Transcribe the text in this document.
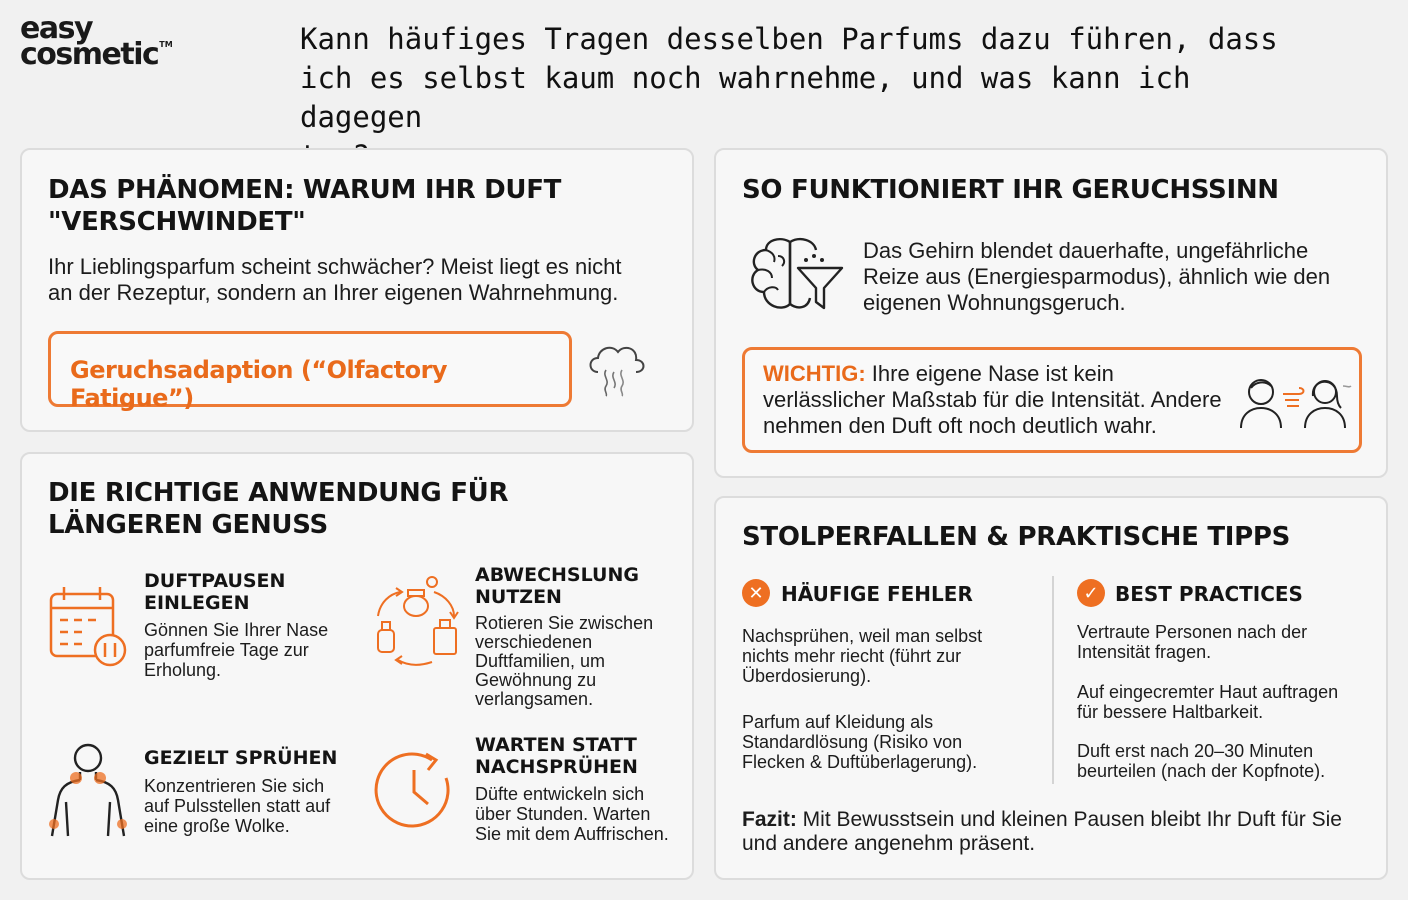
easy
cosmetic™	Kann häufiges Tragen desselben Parfums dazu führen, dass
ich es selbst kaum noch wahrnehme, und was kann ich dagegen
DAS PHÄNOMEN: WARUM IHR DUFT
"VERSCHWINDET"
Ihr Lieblingsparfum scheint schwächer? Meist liegt es nicht
an der Rezeptur, sondern an Ihrer eigenen Wahrnehmung.
Geruchsadaption (“Olfactory Fatigue”)
SO FUNKTIONIERT IHR GERUCHSSINN
Das Gehirn blendet dauerhafte, ungefährliche
Reize aus (Energiesparmodus), ähnlich wie den
eigenen Wohnungsgeruch.
WICHTIG: Ihre eigene Nase ist kein
verlässlicher Maßstab für die Intensität. Andere
nehmen den Duft oft noch deutlich wahr.
DIE RICHTIGE ANWENDUNG FÜR
LÄNGEREN GENUSS
DUFTPAUSEN
EINLEGEN
Gönnen Sie Ihrer Nase
parfumfreie Tage zur
Erholung.
ABWECHSLUNG
NUTZEN
Rotieren Sie zwischen
verschiedenen
Duftfamilien, um
Gewöhnung zu
verlangsamen.
GEZIELT SPRÜHEN
Konzentrieren Sie sich
auf Pulsstellen statt auf
eine große Wolke.
WARTEN STATT
NACHSPRÜHEN
Düfte entwickeln sich
über Stunden. Warten
Sie mit dem Auffrischen.
STOLPERFALLEN & PRAKTISCHE TIPPS
✕ HÄUFIGE FEHLER
Nachsprühen, weil man selbst
nichts mehr riecht (führt zur
Überdosierung).
Parfum auf Kleidung als
Standardlösung (Risiko von
Flecken & Duftüberlagerung).
✓ BEST PRACTICES
Vertraute Personen nach der
Intensität fragen.
Auf eingecremter Haut auftragen
für bessere Haltbarkeit.
Duft erst nach 20–30 Minuten
beurteilen (nach der Kopfnote).
Fazit: Mit Bewusstsein und kleinen Pausen bleibt Ihr Duft für Sie
und andere angenehm präsent.
